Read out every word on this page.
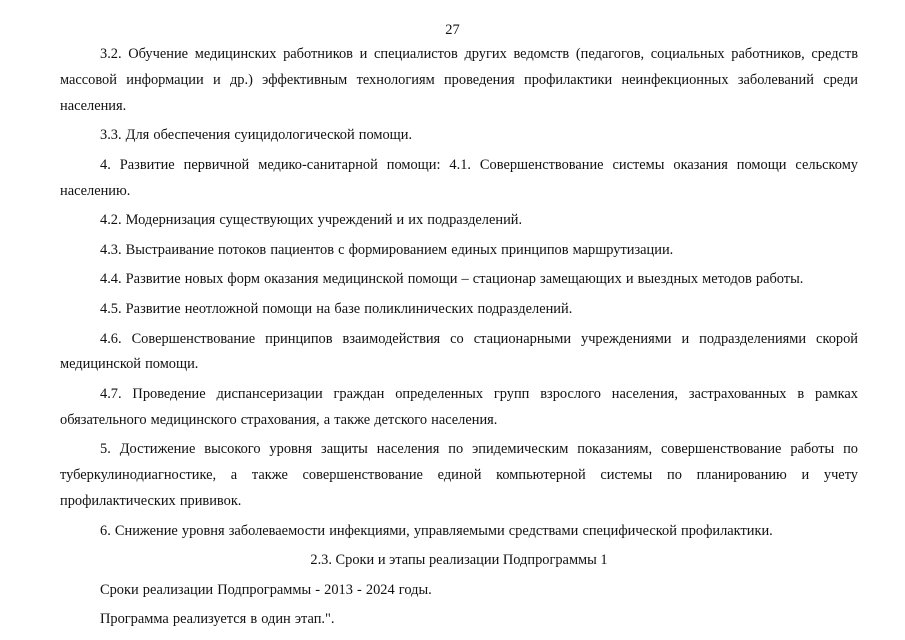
27

3.2. Обучение медицинских работников и специалистов других ведомств (педагогов, социальных работников, средств массовой информации и др.) эффективным технологиям проведения профилактики неинфекционных заболеваний среди населения.

3.3. Для обеспечения суицидологической помощи.

4. Развитие первичной медико-санитарной помощи: 4.1. Совершенствование системы оказания помощи сельскому населению.

4.2. Модернизация существующих учреждений и их подразделений.

4.3. Выстраивание потоков пациентов с формированием единых принципов маршрутизации.

4.4. Развитие новых форм оказания медицинской помощи – стационар замещающих и выездных методов работы.

4.5. Развитие неотложной помощи на базе поликлинических подразделений.

4.6. Совершенствование принципов взаимодействия со стационарными учреждениями и подразделениями скорой медицинской помощи.

4.7. Проведение диспансеризации граждан определенных групп взрослого населения, застрахованных в рамках обязательного медицинского страхования, а также детского населения.

5. Достижение высокого уровня защиты населения по эпидемическим показаниям, совершенствование работы по туберкулинодиагностике, а также совершенствование единой компьютерной системы по планированию и учету профилактических прививок.

6. Снижение уровня заболеваемости инфекциями, управляемыми средствами специфической профилактики.

2.3. Сроки и этапы реализации Подпрограммы 1

Сроки реализации Подпрограммы - 2013 - 2024 годы.

Программа реализуется в один этап.".
